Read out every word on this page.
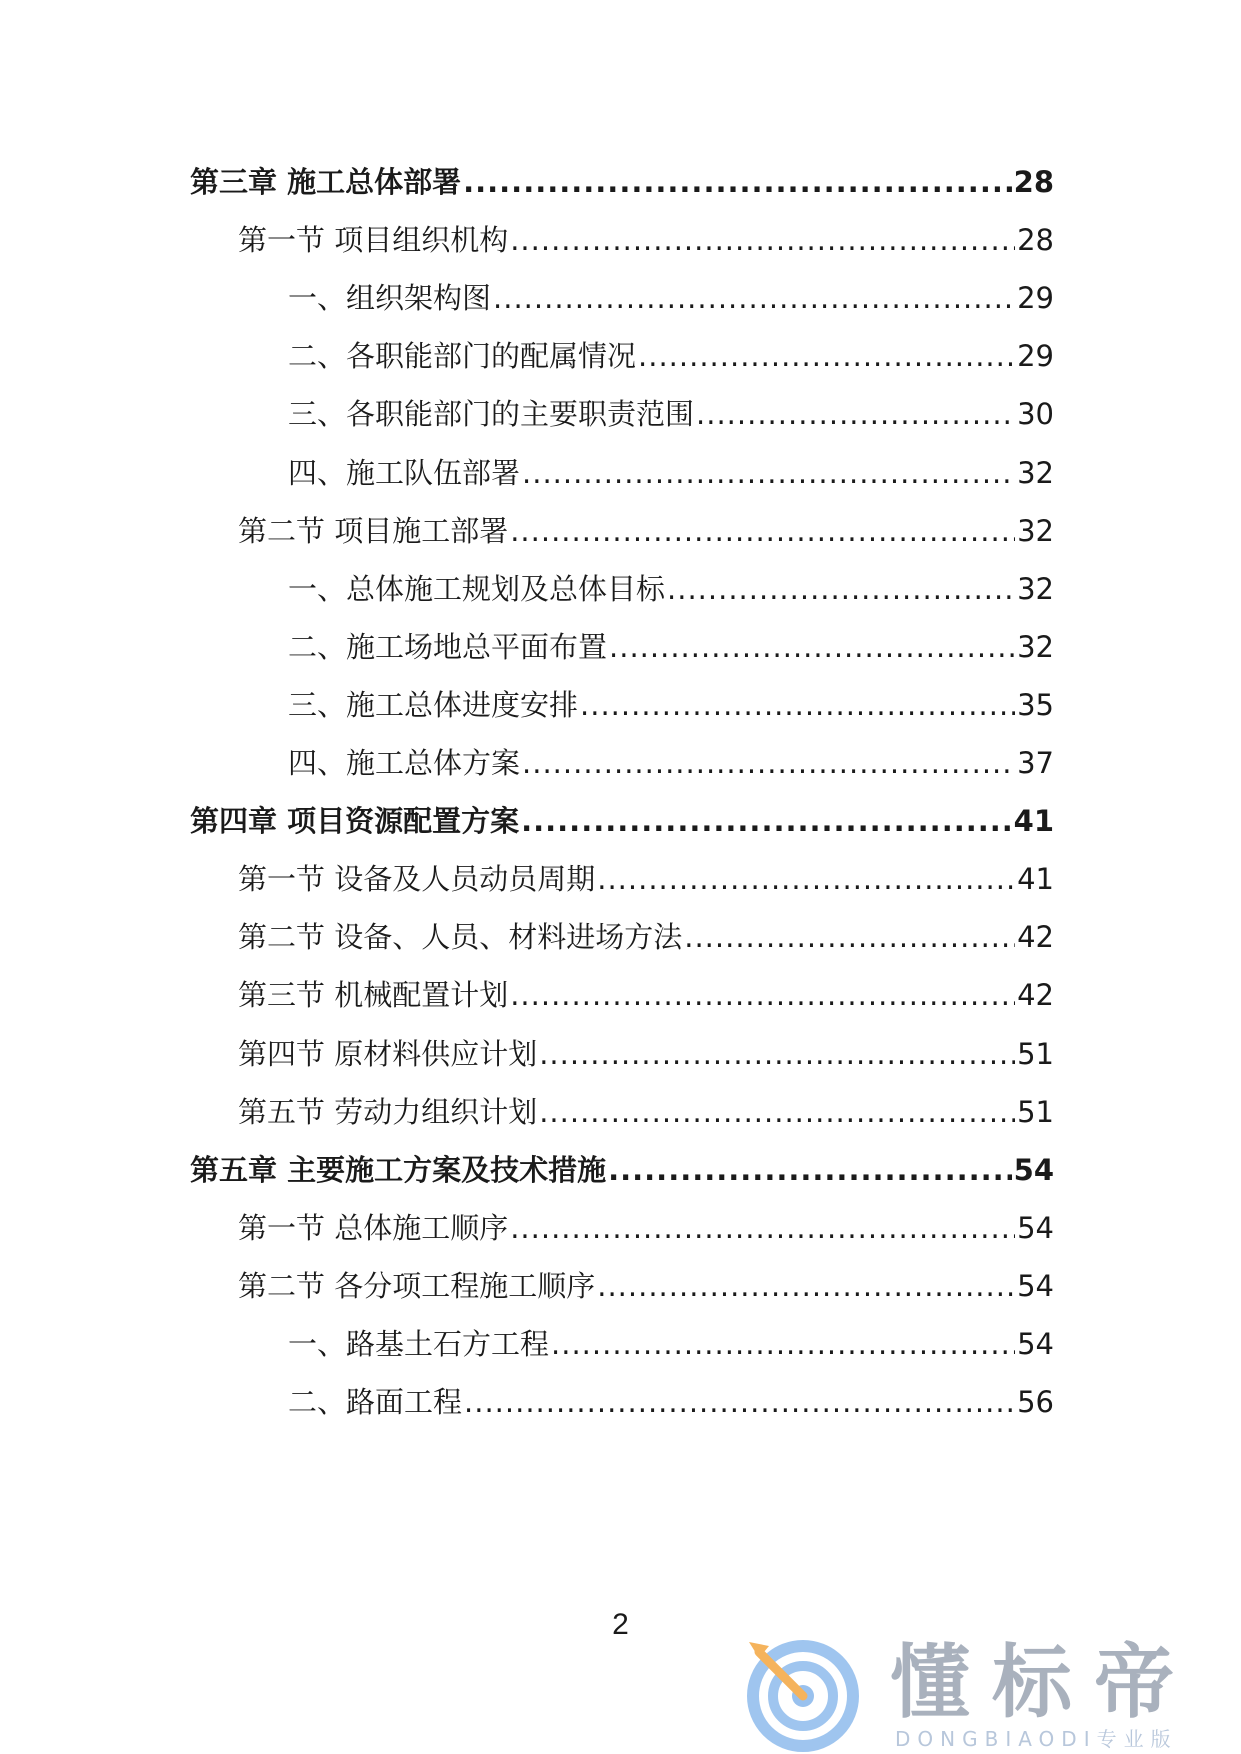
第三章 施工总体部署 .....	28
第一节 项目组织机构 .....	28
一、组织架构图 .....	29
二、各职能部门的配属情况 .....	29
三、各职能部门的主要职责范围 .....	30
四、施工队伍部署 .....	32
第二节 项目施工部署 .....	32
一、总体施工规划及总体目标 .....	32
二、施工场地总平面布置 .....	32
三、施工总体进度安排 .....	35
四、施工总体方案 .....	37
第四章 项目资源配置方案 .....	41
第一节 设备及人员动员周期 .....	41
第二节 设备、人员、材料进场方法 .....	42
第三节 机械配置计划 .....	42
第四节 原材料供应计划 .....	51
第五节 劳动力组织计划 .....	51
第五章 主要施工方案及技术措施 .....	54
第一节 总体施工顺序 .....	54
第二节 各分项工程施工顺序 .....	54
一、路基土石方工程 .....	54
二、路面工程 .....	56
2
懂标帝
DONGBIAODI专业版
